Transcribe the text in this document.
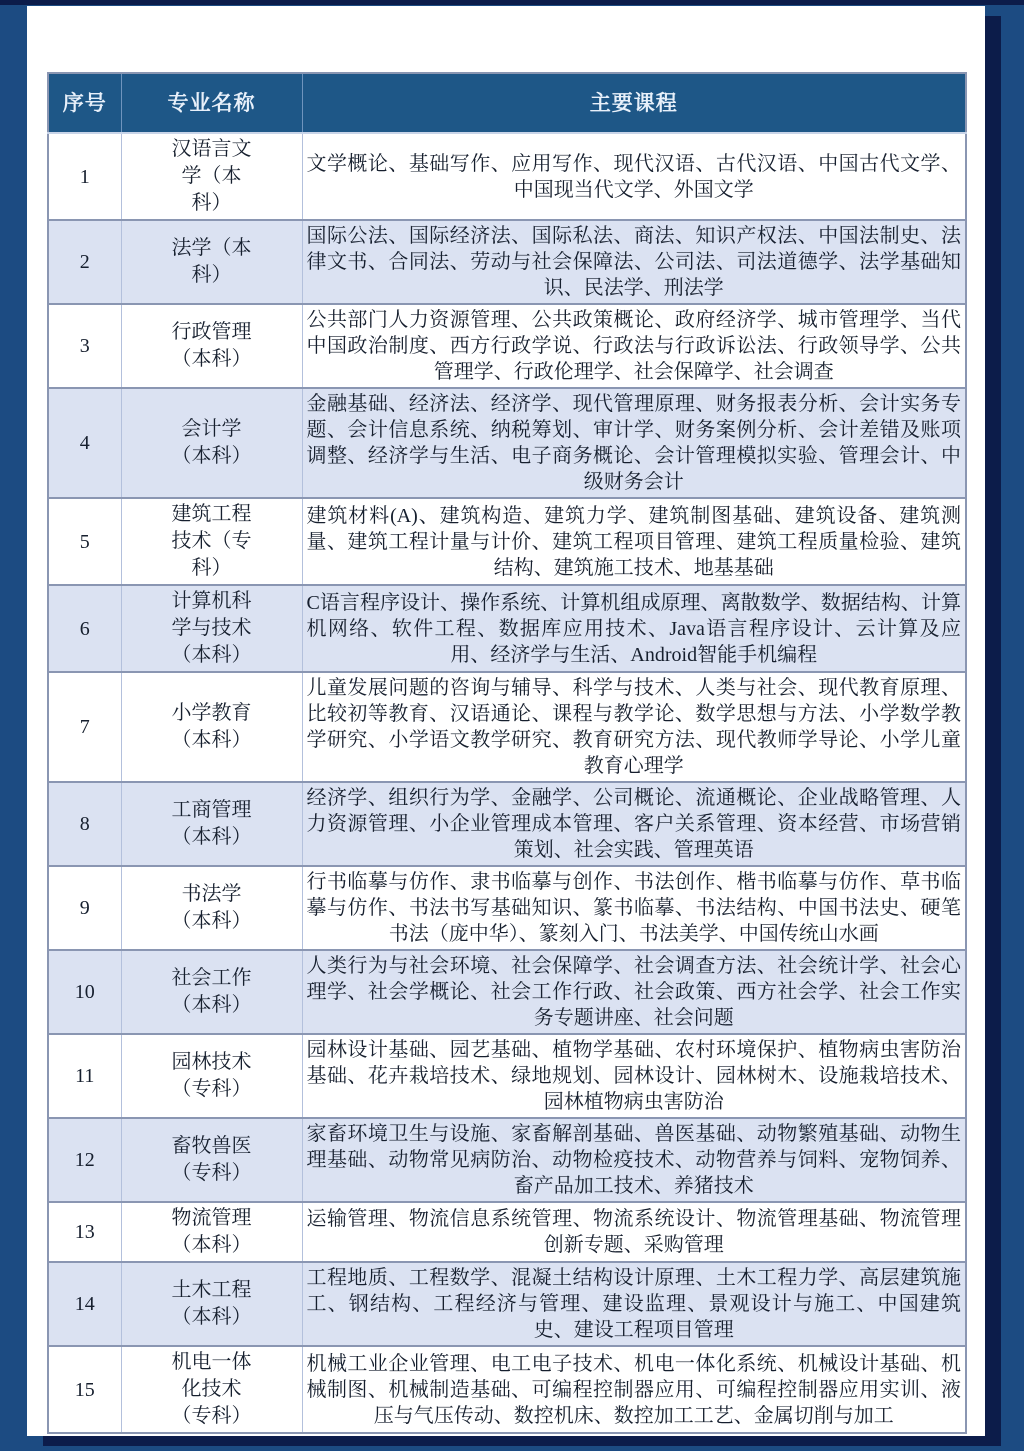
序号	专业名称	主要课程
1	汉语言文学（本科）	文学概论、基础写作、应用写作、现代汉语、古代汉语、中国古代文学、中国现当代文学、外国文学
2	法学（本科）	国际公法、国际经济法、国际私法、商法、知识产权法、中国法制史、法律文书、合同法、劳动与社会保障法、公司法、司法道德学、法学基础知识、民法学、刑法学
3	行政管理（本科）	公共部门人力资源管理、公共政策概论、政府经济学、城市管理学、当代中国政治制度、西方行政学说、行政法与行政诉讼法、行政领导学、公共管理学、行政伦理学、社会保障学、社会调查
4	会计学（本科）	金融基础、经济法、经济学、现代管理原理、财务报表分析、会计实务专题、会计信息系统、纳税筹划、审计学、财务案例分析、会计差错及账项调整、经济学与生活、电子商务概论、会计管理模拟实验、管理会计、中级财务会计
5	建筑工程技术（专科）	建筑材料(A)、建筑构造、建筑力学、建筑制图基础、建筑设备、建筑测量、建筑工程计量与计价、建筑工程项目管理、建筑工程质量检验、建筑结构、建筑施工技术、地基基础
6	计算机科学与技术（本科）	C语言程序设计、操作系统、计算机组成原理、离散数学、数据结构、计算机网络、软件工程、数据库应用技术、Java语言程序设计、云计算及应用、经济学与生活、Android智能手机编程
7	小学教育（本科）	儿童发展问题的咨询与辅导、科学与技术、人类与社会、现代教育原理、比较初等教育、汉语通论、课程与教学论、数学思想与方法、小学数学教学研究、小学语文教学研究、教育研究方法、现代教师学导论、小学儿童教育心理学
8	工商管理（本科）	经济学、组织行为学、金融学、公司概论、流通概论、企业战略管理、人力资源管理、小企业管理成本管理、客户关系管理、资本经营、市场营销策划、社会实践、管理英语
9	书法学（本科）	行书临摹与仿作、隶书临摹与创作、书法创作、楷书临摹与仿作、草书临摹与仿作、书法书写基础知识、篆书临摹、书法结构、中国书法史、硬笔书法（庞中华）、篆刻入门、书法美学、中国传统山水画
10	社会工作（本科）	人类行为与社会环境、社会保障学、社会调查方法、社会统计学、社会心理学、社会学概论、社会工作行政、社会政策、西方社会学、社会工作实务专题讲座、社会问题
11	园林技术（专科）	园林设计基础、园艺基础、植物学基础、农村环境保护、植物病虫害防治基础、花卉栽培技术、绿地规划、园林设计、园林树木、设施栽培技术、园林植物病虫害防治
12	畜牧兽医（专科）	家畜环境卫生与设施、家畜解剖基础、兽医基础、动物繁殖基础、动物生理基础、动物常见病防治、动物检疫技术、动物营养与饲料、宠物饲养、畜产品加工技术、养猪技术
13	物流管理（本科）	运输管理、物流信息系统管理、物流系统设计、物流管理基础、物流管理创新专题、采购管理
14	土木工程（本科）	工程地质、工程数学、混凝土结构设计原理、土木工程力学、高层建筑施工、钢结构、工程经济与管理、建设监理、景观设计与施工、中国建筑史、建设工程项目管理
15	机电一体化技术（专科）	机械工业企业管理、电工电子技术、机电一体化系统、机械设计基础、机械制图、机械制造基础、可编程控制器应用、可编程控制器应用实训、液压与气压传动、数控机床、数控加工工艺、金属切削与加工
